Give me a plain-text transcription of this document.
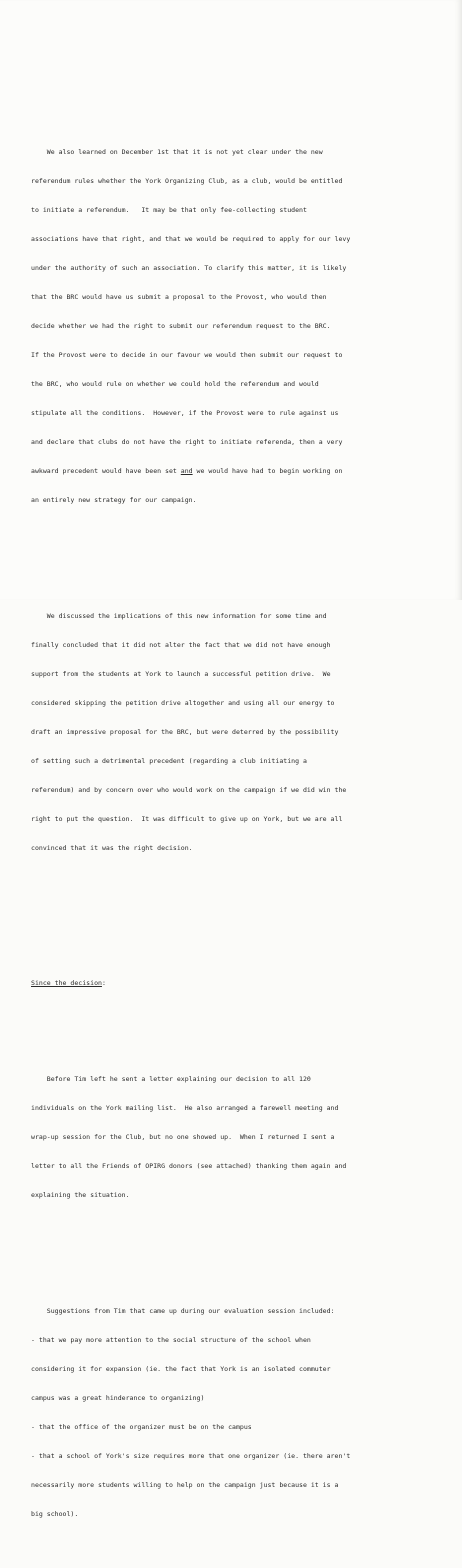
We also learned on December 1st that it is not yet clear under the new

referendum rules whether the York Organizing Club, as a club, would be entitled

to initiate a referendum.   It may be that only fee-collecting student

associations have that right, and that we would be required to apply for our levy

under the authority of such an association. To clarify this matter, it is likely

that the BRC would have us submit a proposal to the Provost, who would then

decide whether we had the right to submit our referendum request to the BRC.

If the Provost were to decide in our favour we would then submit our request to

the BRC, who would rule on whether we could hold the referendum and would

stipulate all the conditions.  However, if the Provost were to rule against us

and declare that clubs do not have the right to initiate referenda, then a very

awkward precedent would have been set and we would have had to begin working on

an entirely new strategy for our campaign.

We discussed the implications of this new information for some time and

finally concluded that it did not alter the fact that we did not have enough

support from the students at York to launch a successful petition drive.  We

considered skipping the petition drive altogether and using all our energy to

draft an impressive proposal for the BRC, but were deterred by the possibility

of setting such a detrimental precedent (regarding a club initiating a

referendum) and by concern over who would work on the campaign if we did win the

right to put the question.  It was difficult to give up on York, but we are all

convinced that it was the right decision.

Since the decision:

Before Tim left he sent a letter explaining our decision to all 120

individuals on the York mailing list.  He also arranged a farewell meeting and

wrap-up session for the Club, but no one showed up.  When I returned I sent a

letter to all the Friends of OPIRG donors (see attached) thanking them again and

explaining the situation.

Suggestions from Tim that came up during our evaluation session included:

- that we pay more attention to the social structure of the school when

considering it for expansion (ie. the fact that York is an isolated commuter

campus was a great hinderance to organizing)

- that the office of the organizer must be on the campus

- that a school of York's size requires more that one organizer (ie. there aren't

necessarily more students willing to help on the campaign just because it is a

big school).
